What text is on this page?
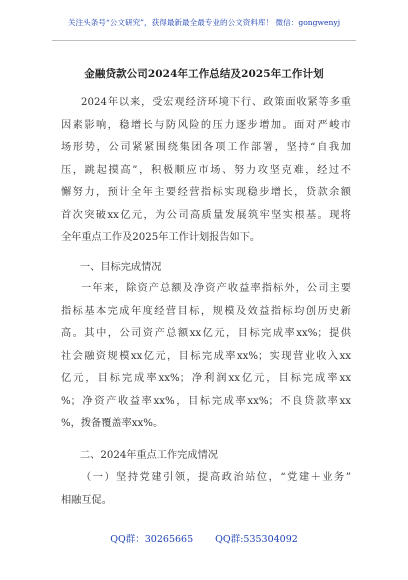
关注头条号“公文研究”，获得最新最全最专业的公文资料库！ 微信：gongwenyj
金融贷款公司2024年工作总结及2025年工作计划
2024年以来，受宏观经济环境下行、政策面收紧等多重
因素影响，稳增长与防风险的压力逐步增加。面对严峻市
场形势，公司紧紧围绕集团各项工作部署，坚持“自我加
压，跳起摸高”，积极顺应市场、努力攻坚克难，经过不
懈努力，预计全年主要经营指标实现稳步增长，贷款余额
首次突破xx亿元，为公司高质量发展筑牢坚实根基。现将
全年重点工作及2025年工作计划报告如下。
一、目标完成情况
一年来，除资产总额及净资产收益率指标外，公司主要
指标基本完成年度经营目标，规模及效益指标均创历史新
高。其中，公司资产总额xx亿元，目标完成率xx%；提供
社会融资规模xx亿元，目标完成率xx%；实现营业收入xx
亿元，目标完成率xx%；净利润xx亿元，目标完成率xx
%；净资产收益率xx%，目标完成率xx%；不良贷款率xx
%，拨备覆盖率xx%。
二、2024年重点工作完成情况
（一）坚持党建引领，提高政治站位，“党建＋业务”
相融互促。
QQ群：30265665 QQ群:535304092
